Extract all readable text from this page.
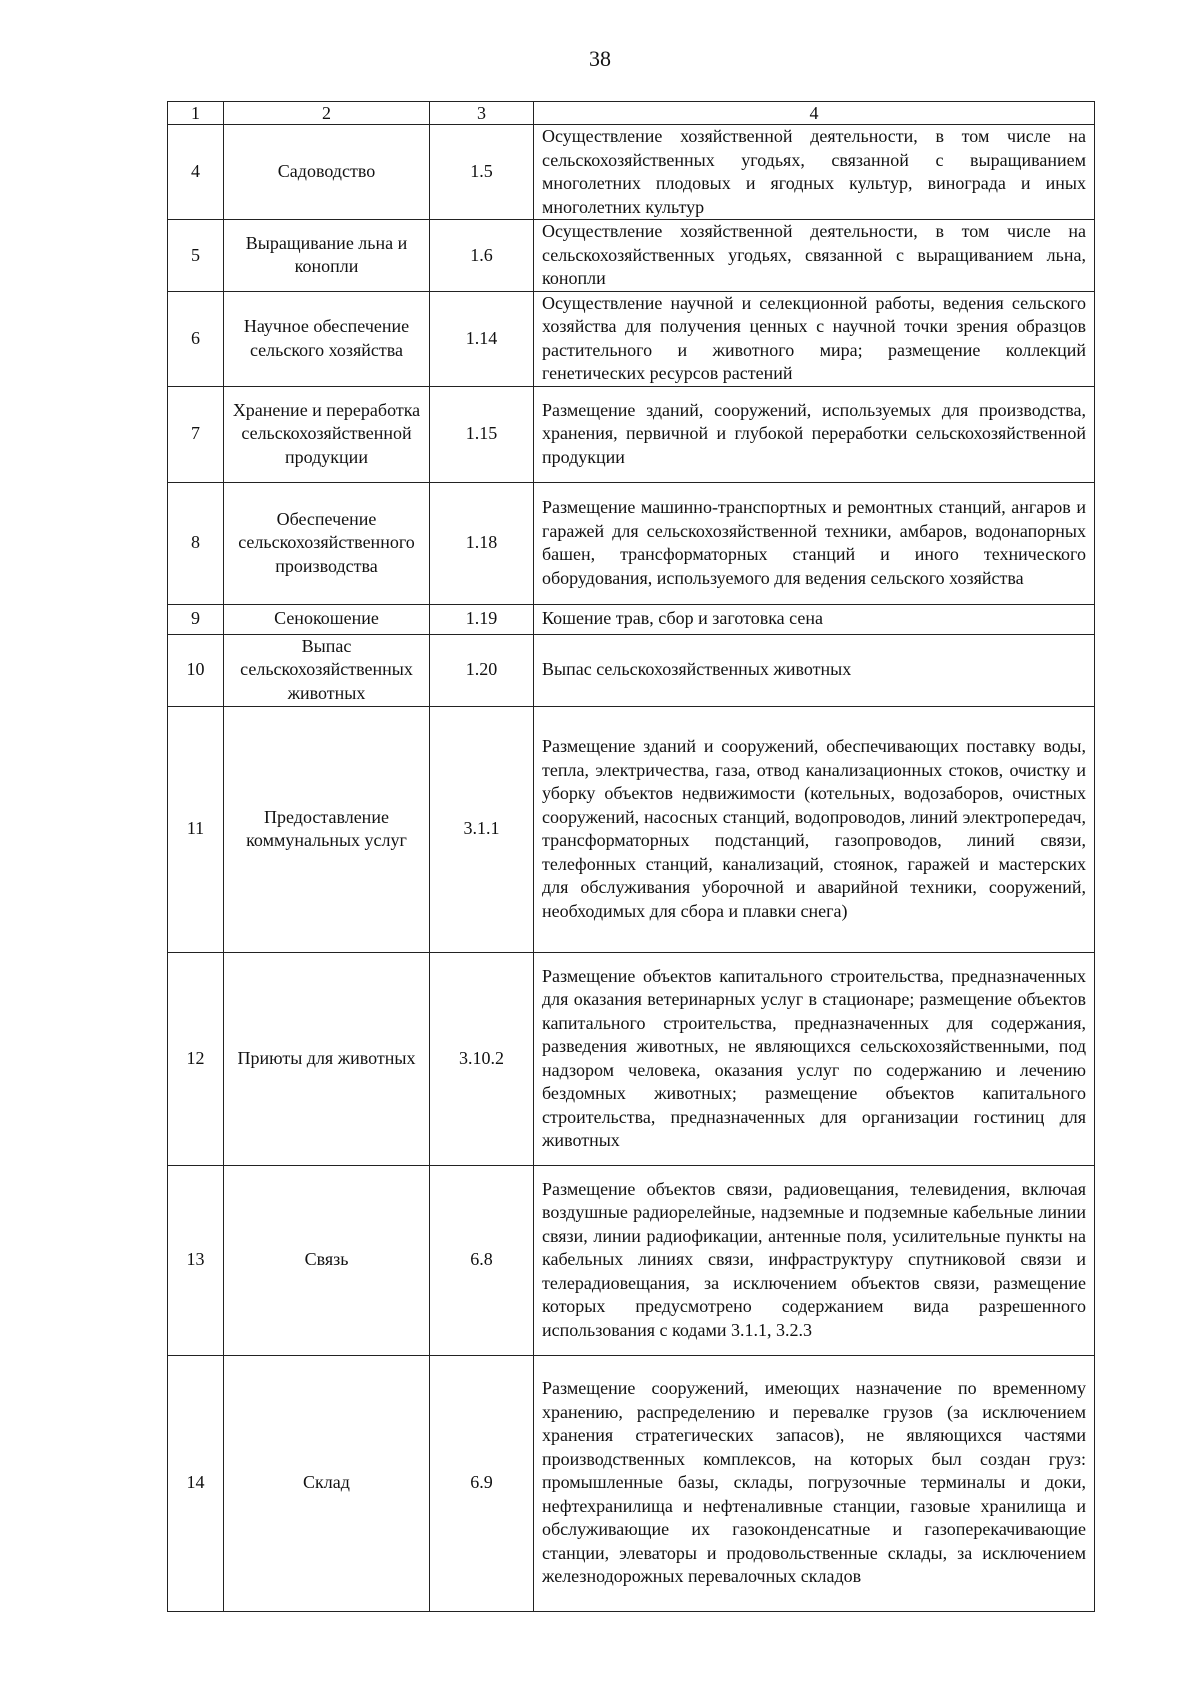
38
1	2	3	4
4	Садоводство	1.5	Осуществление хозяйственной деятельности, в том числе на сельскохозяйственных угодьях, связанной с выращиванием многолетних плодовых и ягодных культур, винограда и иных многолетних культур
5	Выращивание льна и конопли	1.6	Осуществление хозяйственной деятельности, в том числе на сельскохозяйственных угодьях, связанной с выращиванием льна, конопли
6	Научное обеспечение сельского хозяйства	1.14	Осуществление научной и селекционной работы, ведения сельского хозяйства для получения ценных с научной точки зрения образцов растительного и животного мира; размещение коллекций генетических ресурсов растений
7	Хранение и переработка сельскохозяйственной продукции	1.15	Размещение зданий, сооружений, используемых для производства, хранения, первичной и глубокой переработки сельскохозяйственной продукции
8	Обеспечение сельскохозяйственного производства	1.18	Размещение машинно-транспортных и ремонтных станций, ангаров и гаражей для сельскохозяйственной техники, амбаров, водонапорных башен, трансформаторных станций и иного технического оборудования, используемого для ведения сельского хозяйства
9	Сенокошение	1.19	Кошение трав, сбор и заготовка сена
10	Выпас сельскохозяйственных животных	1.20	Выпас сельскохозяйственных животных
11	Предоставление коммунальных услуг	3.1.1	Размещение зданий и сооружений, обеспечивающих поставку воды, тепла, электричества, газа, отвод канализационных стоков, очистку и уборку объектов недвижимости (котельных, водозаборов, очистных сооружений, насосных станций, водопроводов, линий электропередач, трансформаторных подстанций, газопроводов, линий связи, телефонных станций, канализаций, стоянок, гаражей и мастерских для обслуживания уборочной и аварийной техники, сооружений, необходимых для сбора и плавки снега)
12	Приюты для животных	3.10.2	Размещение объектов капитального строительства, предназначенных для оказания ветеринарных услуг в стационаре; размещение объектов капитального строительства, предназначенных для содержания, разведения животных, не являющихся сельскохозяйственными, под надзором человека, оказания услуг по содержанию и лечению бездомных животных; размещение объектов капитального строительства, предназначенных для организации гостиниц для животных
13	Связь	6.8	Размещение объектов связи, радиовещания, телевидения, включая воздушные радиорелейные, надземные и подземные кабельные линии связи, линии радиофикации, антенные поля, усилительные пункты на кабельных линиях связи, инфраструктуру спутниковой связи и телерадиовещания, за исключением объектов связи, размещение которых предусмотрено содержанием вида разрешенного использования с кодами 3.1.1, 3.2.3
14	Склад	6.9	Размещение сооружений, имеющих назначение по временному хранению, распределению и перевалке грузов (за исключением хранения стратегических запасов), не являющихся частями производственных комплексов, на которых был создан груз: промышленные базы, склады, погрузочные терминалы и доки, нефтехранилища и нефтеналивные станции, газовые хранилища и обслуживающие их газоконденсатные и газоперекачивающие станции, элеваторы и продовольственные склады, за исключением железнодорожных перевалочных складов
